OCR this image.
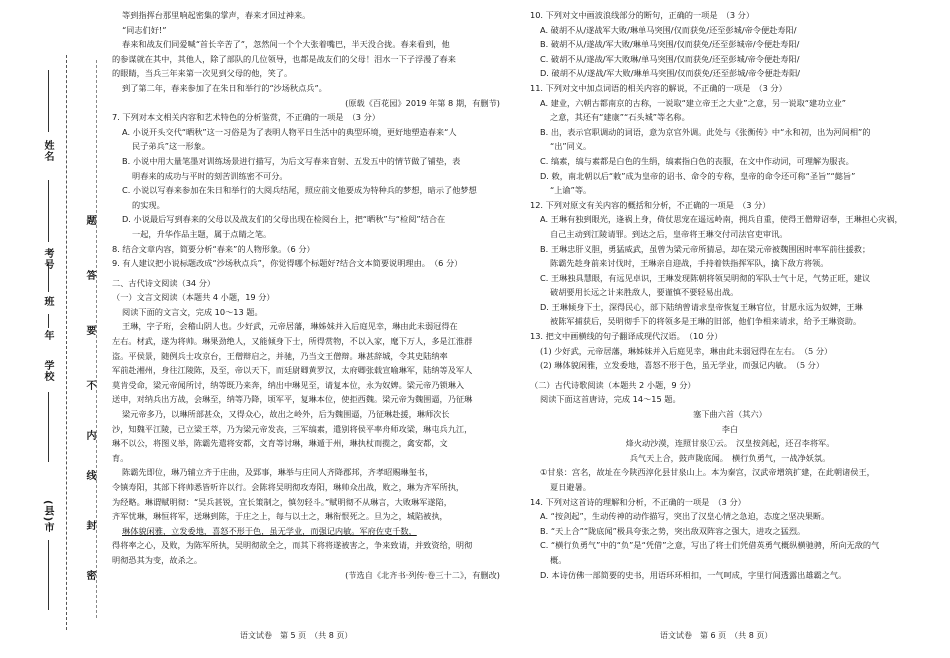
姓名
考号
班
年
学校
(县)市
题
答
要
不
内
线
封
密

等到指挥台那里响起密集的掌声，春来才回过神来。

“同志们好!”

春来和战友们同爱喊“首长辛苦了”，忽然间一个个大张着嘴巴，半天没合拢。春来看到，他

的参谋就在其中，其他人，除了部队的几位领导，也都是战友们的父母！泪水一下子浮漫了春来

的眼睛，当兵三年来第一次见到父母的他，笑了。

到了第二年，春来参加了在朱日和举行的“沙场秋点兵”。

(原载《百花园》2019 年第 8 期，有删节)

7. 下列对本文相关内容和艺术特色的分析鉴赏，不正确的一项是　（3 分）

A. 小说开头交代“晒秋”这一习俗是为了表明人物平日生活中的典型环境，更好地塑造春来“人

民子弟兵”这一形象。

B. 小说中用大量笔墨对训练场景进行描写，为后文写春来盲射、五发五中的情节做了铺垫，表

明春来的成功与平时的刻苦训练密不可分。

C. 小说以写春来参加在朱日和举行的大阅兵结尾，照应前文他要成为特种兵的梦想，暗示了他梦想

的实现。

D. 小说最后写到春来的父母以及战友们的父母出现在检阅台上，把“晒秋”与“检阅”结合在

一起，升华作品主题，属于点睛之笔。

8. 结合文章内容，简要分析“春来”的人物形象。（6 分）

9. 有人建议把小说标题改成“沙场秋点兵”，你觉得哪个标题好?结合文本简要说明理由。　（6 分）

二、古代诗文阅读（34 分）

（一）文言文阅读（本题共 4 小题，19 分）

阅读下面的文言文，完成 10～13 题。

王琳，字子珩，会稽山阴人也。少好武，元帝居藩，琳姊妹并入后庭见幸，琳由此未弱冠得在

左右。材武，遂为将帅。琳果劲绝人，又能倾身下士，所得赏物，不以入家，麾下万人，多是江淮群

盗。平侯景，随例兵士攻京台，王僧辩启之，并驰，乃当文王僧辩。琳甚辞城，令其史陆纳率

军前赴湘州，身往江陵陈，及至，帝以天下，而廷尉卿黄罗汉，太府卿张载宣喻琳军，陆纳等及军人

莫肯受命，梁元帝闻所讨，纳等既乃来奔，纳出中琳见至，请复本位，永为奴婢。梁元帝乃锁琳入

送申，对纳兵出方战，会琳至，纳等乃降，顷军平，复琳本位，使拒西魏。梁元帝为魏围逼，乃征琳

梁元帝多乃，以琳所部甚众，又得众心，故出之岭外，后为魏围逼，乃征琳赴援，琳师次长

沙，知魏平江陵，已立梁王萃，乃为梁元帝发丧，三军缟素，遣别将侯平率舟师攻梁，琳屯兵九江，

琳不以公，将图义举，陈霸先遣将安都，文育等讨琳，琳遁于州，琳执杖而揽之，禽安都，文

育。

陈霸先即位，琳乃辅立齐于庄曲，及郢事，琳举与庄同人齐降郡邦，齐孝昭赐琳玺书，

令镇寿阳，其部下将帅悉皆听许以行。会陈将吴明彻攻寿阳，琳帅众出战，败之，琳为齐军所执，

为经略。琳谓赋明彻：“吴兵甚锐，宜长策制之，慎勿轻斗。”赋明彻不从琳言，大败琳军遂陷，

齐军忧琳，琳恒将军，送琳到陈，于庄之上，每与以土之，琳衔恨死之。旦为之，城陷被执，

琳体貌闲雅，立发委地，喜怒不形于色，虽无学业，而强记内敏。军府佐吏千数，

得将率之心，及败，为陈军所执，吴明彻欲全之，而其下将将遂被害之，争来致请，并致资给，明彻

明彻恐其为变，故杀之。

(节选自《北齐书·列传·卷三十二》，有删改)

语文试卷　第 5 页　（共 8 页）

10. 下列对文中画波浪线部分的断句，正确的一项是　（3 分）

A. 破胡不从/遂战军大败/琳单马突围/仅而获免/还至彭城/帝令便赴寿阳/

B. 破胡不从/遂战/军大败/琳单马突围/仅而获免/还至彭城帝/令便赴寿阳/

C. 破胡不从/遂战/军大败琳/单马突围/仅而获免/还至彭城/帝令便赴寿阳/

D. 破胡不从/遂战/军大败/琳单马突围/仅而获免/还至彭城/帝令便赴寿阳/

11. 下列对文中加点词语的相关内容的解说，不正确的一项是　（3 分）

A. 建业，六朝古都南京的古称，一说取“建立帝王之大业”之意，另一说取“建功立业”

之意，其还有“建康”“石头城”等名称。

B. 出，表示官职调动的词语，意为京官外调。此处与《张衡传》中“永和初，出为河间相”的

“出”同义。

C. 缟素，缟与素都是白色的生绢，缟素指白色的丧服，在文中作动词，可理解为服丧。

D. 敕，南北朝以后“敕”成为皇帝的诏书、命令的专称，皇帝的命令还可称“圣旨”“懿旨”

“上谕”等。

12. 下列对原文有关内容的概括和分析，不正确的一项是　（3 分）

A. 王琳有独到眼光，逢祸上身，倚仗思宠在遥远岭南，拥兵自重，使得王僧辩诏奉，王琳担心灾祸，

自己主动到江陵请罪。到达之后，皇帝将王琳交付司法官吏审讯。

B. 王琳忠肝义胆，勇猛威武，虽曾为梁元帝所猜忌，却在梁元帝被魏围困时率军前往援救；

陈霸先趁身前来讨伐时，王琳亲自迎战，手持着铁指挥军队，擒下敌方将领。

C. 王琳独具慧眼，有远见卓识，王琳发现陈朝将领吴明彻的军队士气十足，气势正旺，建议

破胡要用长远之计来胜敌人，要谨慎不要轻易出战。

D. 王琳倾身下士，深得民心，部下陆纳曾请求皇帝恢复王琳官位，甘愿永远为奴婢，王琳

被陈军捕获后，吴明彻手下的将领多是王琳的旧部，他们争相来请求，给予王琳资助。

13. 把文中画横线的句子翻译成现代汉语。　（10 分）

(1) 少好武，元帝居藩，琳姊妹并入后庭见幸，琳由此未弱冠得在左右。　（5 分）

(2) 琳体貌闲雅，立发委地，喜怒不形于色，虽无学业，而强记内敏。　（5 分）

（二）古代诗歌阅读（本题共 2 小题，9 分）

阅读下面这首唐诗，完成 14～15 题。

塞下曲六首（其六）

李白

烽火动沙漠，连照甘泉①云。　汉皇按剑起，还召李将军。

兵气天上合，鼓声陇底闻。　横行负勇气，一战净妖氛。

①甘泉：宫名，故址在今陕西淳化县甘泉山上。本为秦宫，汉武帝增筑扩建，在此朝诸侯王，

夏日避暑。

14. 下列对这首诗的理解和分析，不正确的一项是　（3 分）

A. “按剑起”，生动传神的动作描写，突出了汉皇心情之急迫，态度之坚决果断。

B. “天上合”“陇底闻”极具夸张之势，突出敌双阵容之强大，进攻之猛烈。

C. “横行负勇气”中的“负”是“凭借”之意，写出了将士们凭借英勇气概纵横驰骋，所向无敌的气

概。

D. 本诗仿佛一部简要的史书，用语环环相扣，一气呵成，字里行间透露出雄霸之气。

语文试卷　第 6 页　（共 8 页）
